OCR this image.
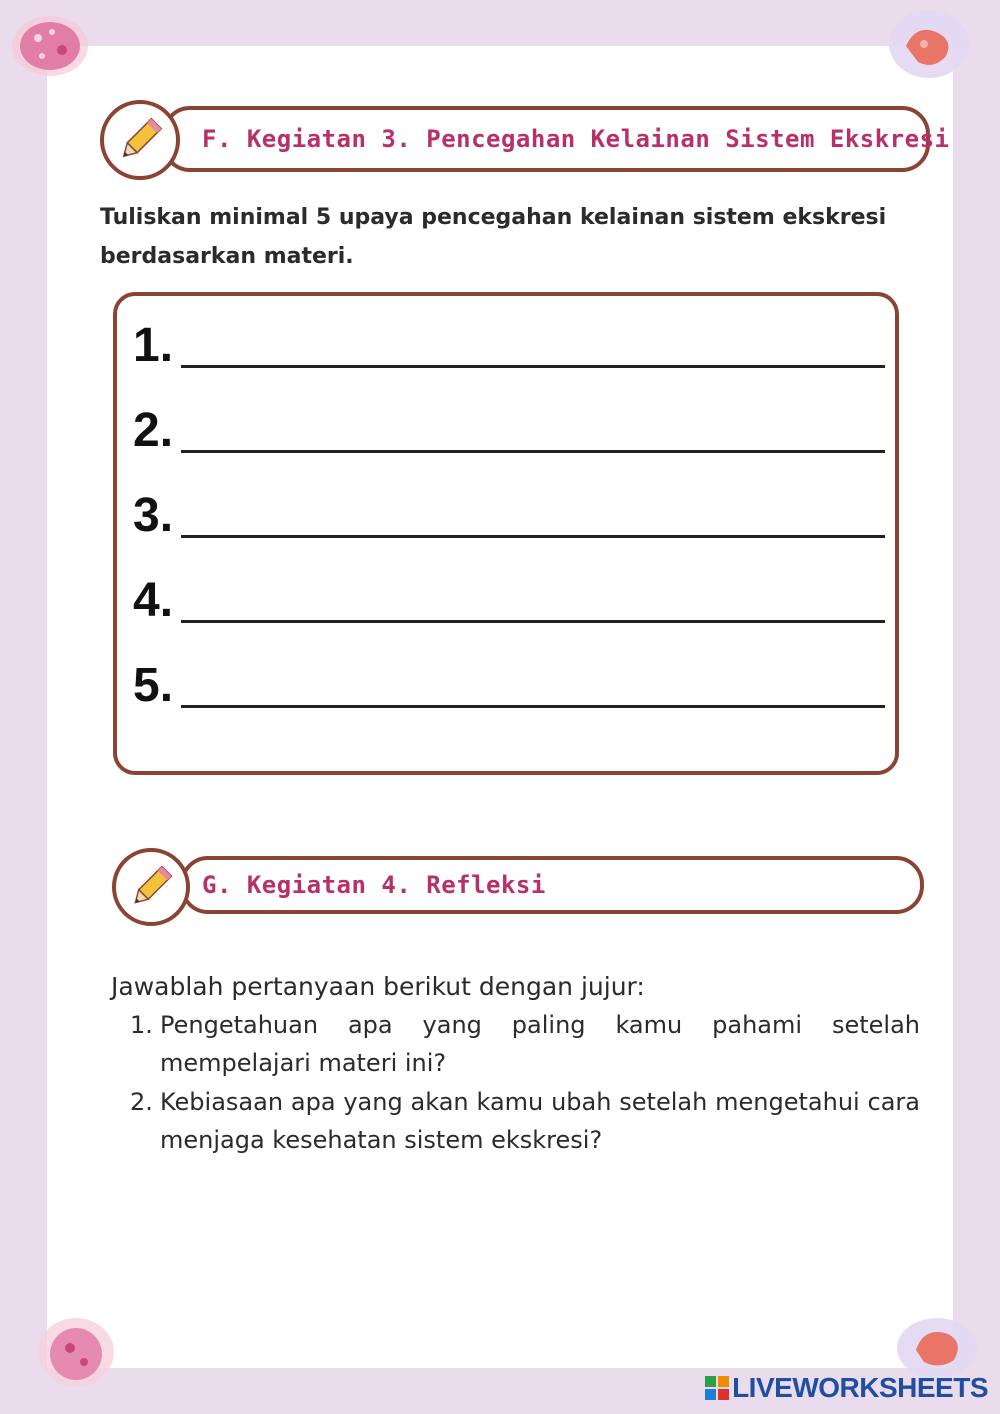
F. Kegiatan 3. Pencegahan Kelainan Sistem Ekskresi
Tuliskan minimal 5 upaya pencegahan kelainan sistem ekskresi berdasarkan materi.
1.
2.
3.
4.
5.
G. Kegiatan 4. Refleksi
Jawablah pertanyaan berikut dengan jujur:
1. Pengetahuan apa yang paling kamu pahami setelah mempelajari materi ini?
2. Kebiasaan apa yang akan kamu ubah setelah mengetahui cara menjaga kesehatan sistem ekskresi?
LIVEWORKSHEETS
